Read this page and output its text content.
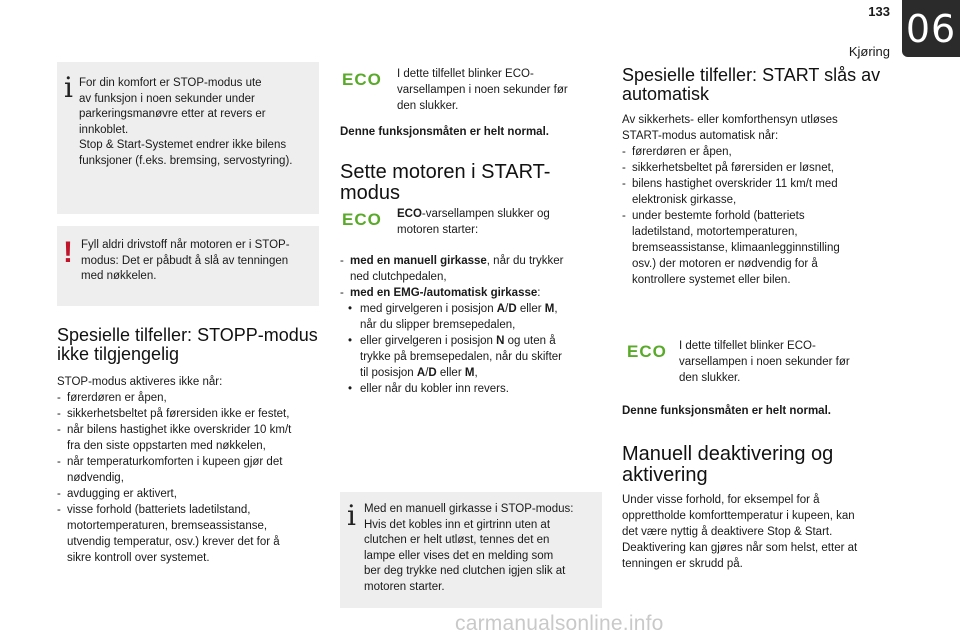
133
Kjøring
06
i For din komfort er STOP-modus ute

av funksjon i noen sekunder under

parkeringsmanøvre etter at revers er

innkoblet.

Stop & Start-Systemet endrer ikke bilens

funksjoner (f.eks. bremsing, servostyring).

! Fyll aldri drivstoff når motoren er i STOP-

modus: Det er påbudt å slå av tenningen

med nøkkelen.

Spesielle tilfeller: STOPP-modus
ikke tilgjengelig
STOP-modus aktiveres ikke når:
- førerdøren er åpen,
- sikkerhetsbeltet på førersiden ikke er festet,
- når bilens hastighet ikke overskrider 10 km/t
fra den siste oppstarten med nøkkelen,
- når temperaturkomforten i kupeen gjør det
nødvendig,
- avdugging er aktivert,
- visse forhold (batteriets ladetilstand,
motortemperaturen, bremseassistanse,
utvendig temperatur, osv.) krever det for å
sikre kontroll over systemet.
ECO I dette tilfellet blinker ECO-
varsellampen i noen sekunder før
den slukker.
Denne funksjonsmåten er helt normal.
Sette motoren i START-
modus
ECO ECO-varsellampen slukker og
motoren starter:
- med en manuell girkasse, når du trykker
ned clutchpedalen,
- med en EMG-/automatisk girkasse:
• med girvelgeren i posisjon A/D eller M,
når du slipper bremsepedalen,
• eller girvelgeren i posisjon N og uten å
trykke på bremsepedalen, når du skifter
til posisjon A/D eller M,
• eller når du kobler inn revers.
i Med en manuell girkasse i STOP-modus:

Hvis det kobles inn et girtrinn uten at

clutchen er helt utløst, tennes det en

lampe eller vises det en melding som

ber deg trykke ned clutchen igjen slik at

motoren starter.

Spesielle tilfeller: START slås av
automatisk
Av sikkerhets- eller komforthensyn utløses
START-modus automatisk når:
- førerdøren er åpen,
- sikkerhetsbeltet på førersiden er løsnet,
- bilens hastighet overskrider 11 km/t med
elektronisk girkasse,
- under bestemte forhold (batteriets
ladetilstand, motortemperaturen,
bremseassistanse, klimaanlegginnstilling
osv.) der motoren er nødvendig for å
kontrollere systemet eller bilen.
ECO I dette tilfellet blinker ECO-
varsellampen i noen sekunder før
den slukker.
Denne funksjonsmåten er helt normal.
Manuell deaktivering og
aktivering
Under visse forhold, for eksempel for å
opprettholde komforttemperatur i kupeen, kan
det være nyttig å deaktivere Stop & Start.
Deaktivering kan gjøres når som helst, etter at
tenningen er skrudd på.
carmanualsonline.info
